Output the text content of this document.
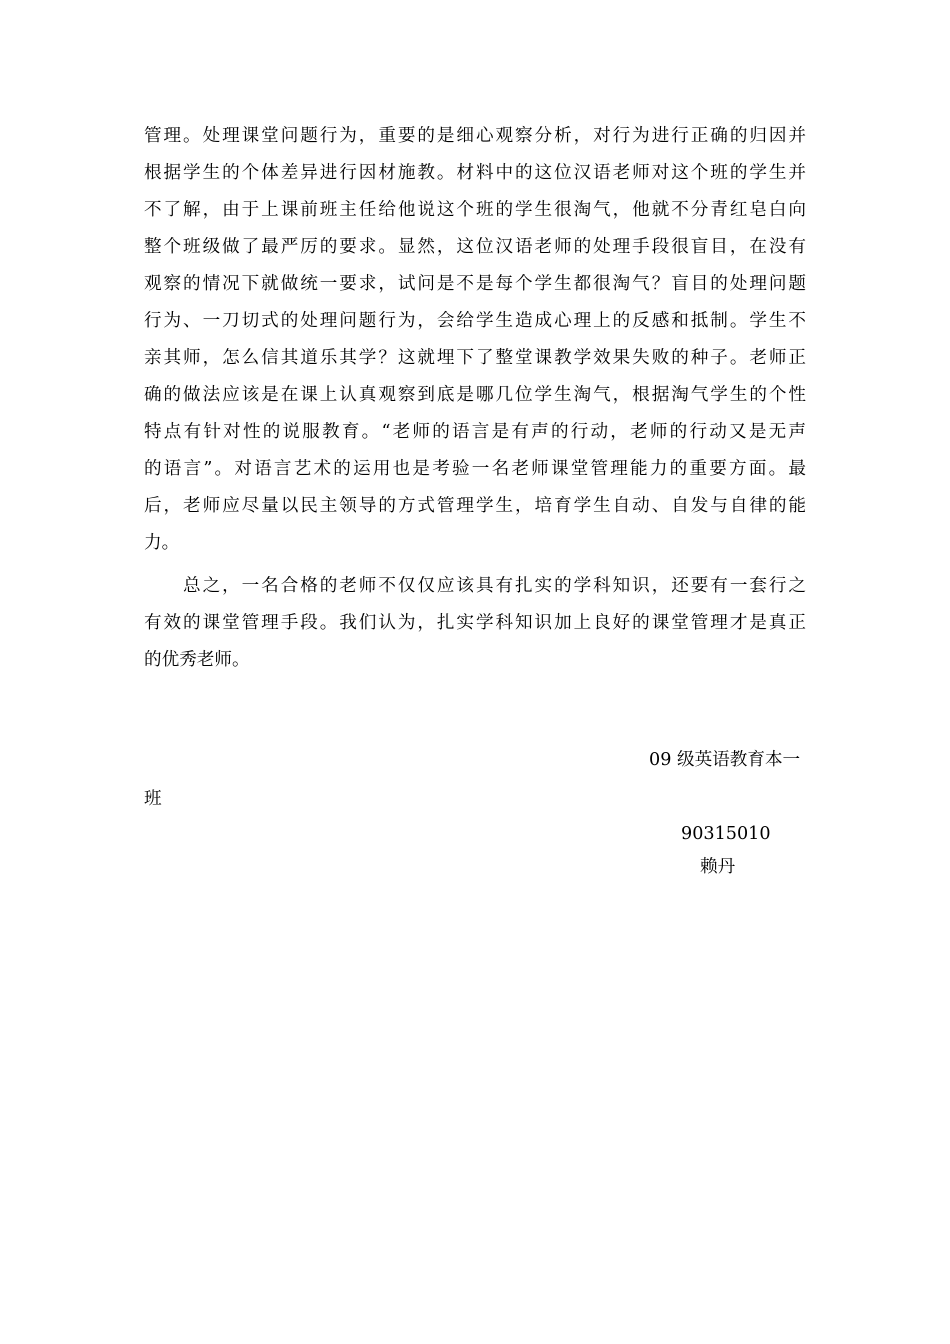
管理。处理课堂问题行为，重要的是细心观察分析，对行为进行正确的归因并
根据学生的个体差异进行因材施教。材料中的这位汉语老师对这个班的学生并
不了解，由于上课前班主任给他说这个班的学生很淘气，他就不分青红皂白向
整个班级做了最严厉的要求。显然，这位汉语老师的处理手段很盲目，在没有
观察的情况下就做统一要求，试问是不是每个学生都很淘气？盲目的处理问题
行为、一刀切式的处理问题行为，会给学生造成心理上的反感和抵制。学生不
亲其师，怎么信其道乐其学？这就埋下了整堂课教学效果失败的种子。老师正
确的做法应该是在课上认真观察到底是哪几位学生淘气，根据淘气学生的个性
特点有针对性的说服教育。“老师的语言是有声的行动，老师的行动又是无声
的语言”。对语言艺术的运用也是考验一名老师课堂管理能力的重要方面。最
后，老师应尽量以民主领导的方式管理学生，培育学生自动、自发与自律的能
力。
　　总之，一名合格的老师不仅仅应该具有扎实的学科知识，还要有一套行之
有效的课堂管理手段。我们认为，扎实学科知识加上良好的课堂管理才是真正
的优秀老师。
09 级英语教育本一
班
90315010
赖丹
